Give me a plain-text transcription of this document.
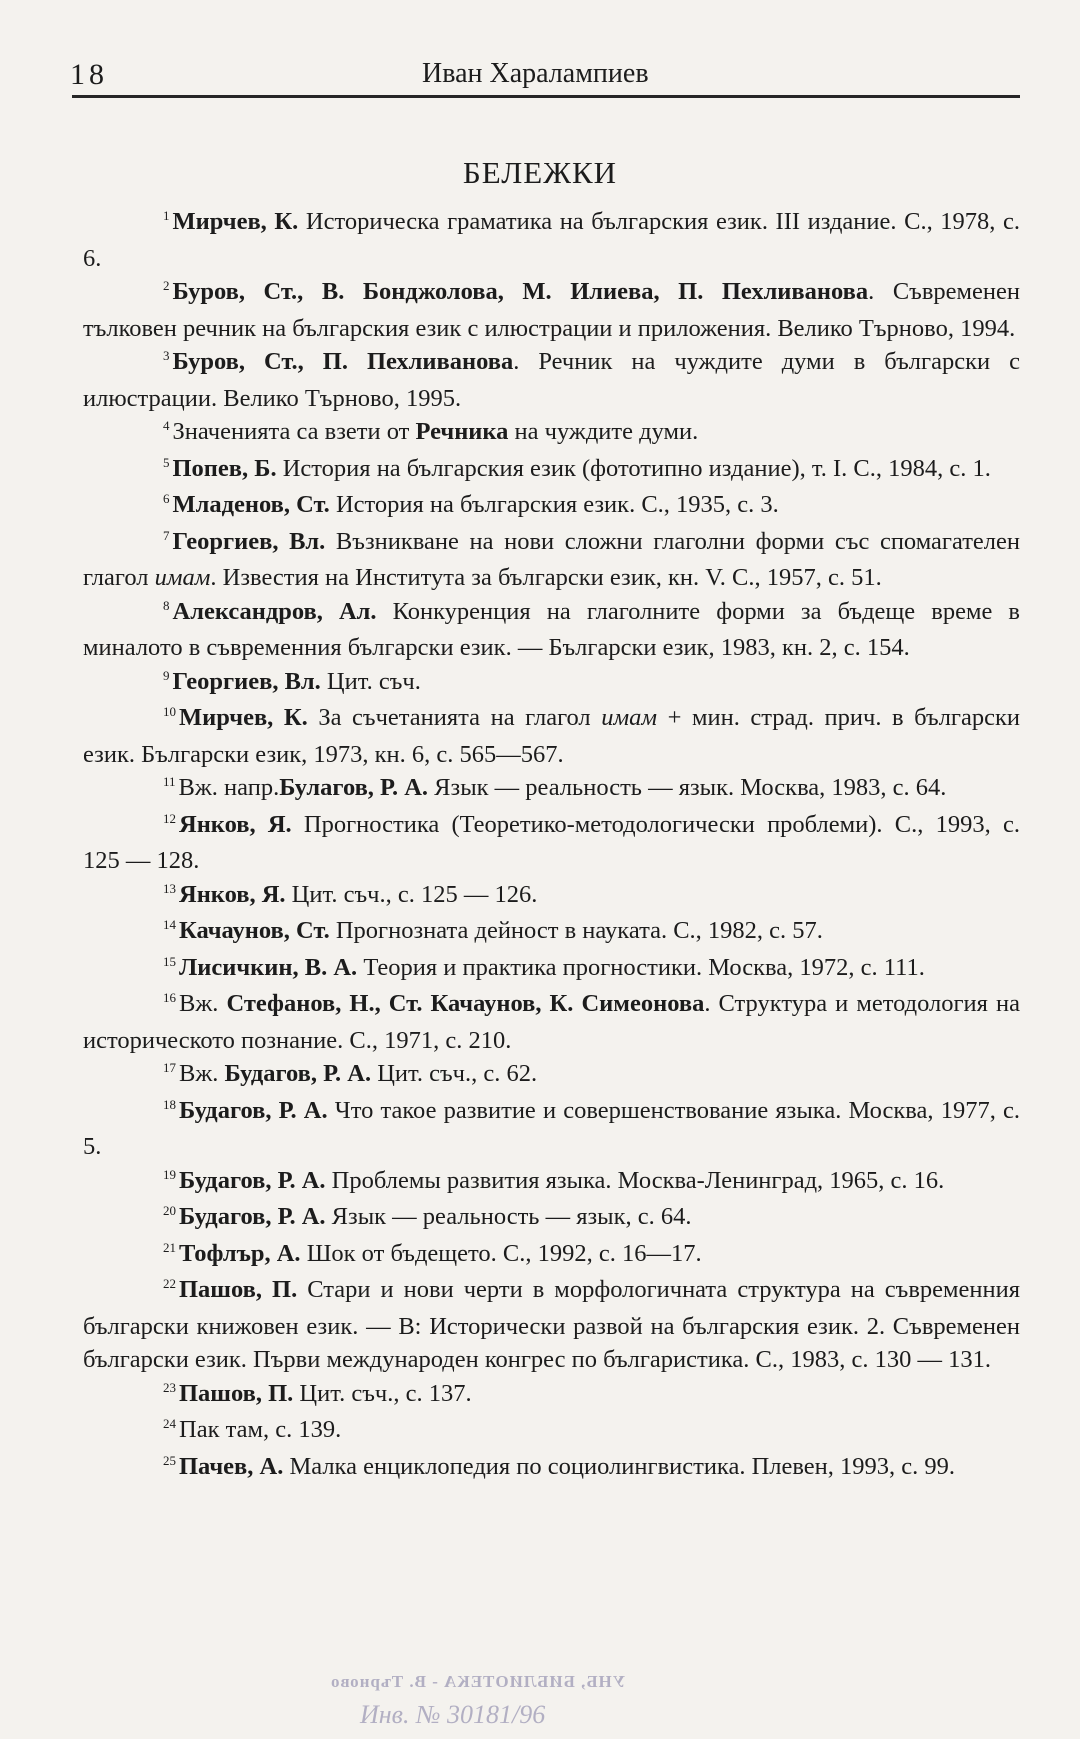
18	Иван Харалампиев
БЕЛЕЖКИ

$^1$ Мирчев, К. Историческа граматика на българския език. III издание. С., 1978, с. 6.

$^2$ Буров, Ст., В. Бонджолова, М. Илиева, П. Пехливанова. Съвременен тълковен речник на българския език с илюстрации и приложения. Велико Търново, 1994.

$^3$ Буров, Ст., П. Пехливанова. Речник на чуждите думи в български с илюстрации. Велико Търново, 1995.

$^4$ Значенията са взети от Речника на чуждите думи.

$^5$ Попев, Б. История на българския език (фототипно издание), т. I. С., 1984, с. 1.

$^6$ Младенов, Ст. История на българския език. С., 1935, с. 3.

$^7$ Георгиев, Вл. Възникване на нови сложни глаголни форми със спомагателен глагол имам. Известия на Института за български език, кн. V. С., 1957, с. 51.

$^8$ Александров, Ал. Конкуренция на глаголните форми за бъдеще време в миналото в съвременния български език. — Български език, 1983, кн. 2, с. 154.

$^9$ Георгиев, Вл. Цит. съч.

$^{10}$ Мирчев, К. За съчетанията на глагол имам + мин. страд. прич. в български език. Български език, 1973, кн. 6, с. 565—567.

$^{11}$ Вж. напр.Булагов, Р. А. Язык — реальность — язык. Москва, 1983, с. 64.

$^{12}$ Янков, Я. Прогностика (Теоретико-методологически проблеми). С., 1993, с. 125 — 128.

$^{13}$ Янков, Я. Цит. съч., с. 125 — 126.

$^{14}$ Качаунов, Ст. Прогнозната дейност в науката. С., 1982, с. 57.

$^{15}$ Лисичкин, В. А. Теория и практика прогностики. Москва, 1972, с. 111.

$^{16}$ Вж. Стефанов, Н., Ст. Качаунов, К. Симеонова. Структура и методология на историческото познание. С., 1971, с. 210.

$^{17}$ Вж. Будагов, Р. А. Цит. съч., с. 62.

$^{18}$ Будагов, Р. А. Что такое развитие и совершенствование языка. Москва, 1977, с. 5.

$^{19}$ Будагов, Р. А. Проблемы развития языка. Москва-Ленинград, 1965, с. 16.

$^{20}$ Будагов, Р. А. Язык — реальность — язык, с. 64.

$^{21}$ Тофлър, А. Шок от бъдещето. С., 1992, с. 16—17.

$^{22}$ Пашов, П. Стари и нови черти в морфологичната структура на съвременния български книжовен език. — В: Исторически развой на българския език. 2. Съвременен български език. Първи международен конгрес по българистика. С., 1983, с. 130 — 131.

$^{23}$ Пашов, П. Цит. съч., с. 137.

$^{24}$ Пак там, с. 139.

$^{25}$ Пачев, А. Малка енциклопедия по социолингвистика. Плевен, 1993, с. 99.

УНБ, БИБЛИОТЕКА - В. Търново
Инв. № 30181/96
